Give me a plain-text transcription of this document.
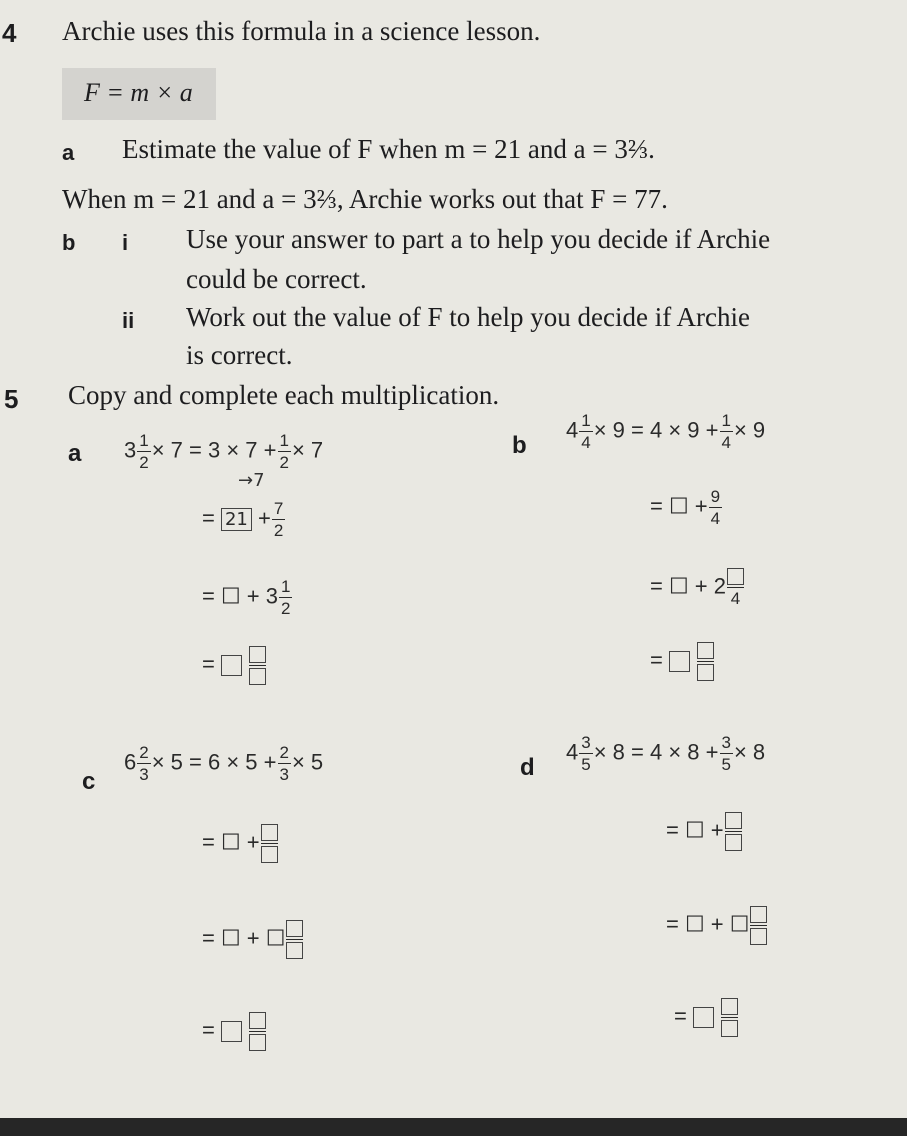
4 Archie uses this formula in a science lesson.
F = m × a
a Estimate the value of F when m = 21 and a = 3⅔.
When m = 21 and a = 3⅔, Archie works out that F = 77.
b i Use your answer to part a to help you decide if Archie
could be correct.
ii Work out the value of F to help you decide if Archie
is correct.
5 Copy and complete each multiplication.
a $3 \frac{1}{2} \times 7 = 3 \times 7 + \frac{1}{2} \times 7$
→7
= $21 + \frac{7}{2}$
= ☐ + $3 \frac{1}{2}$
=
b
$4 \frac{1}{4} \times 9 = 4 \times 9 + \frac{1}{4} \times 9$
= ☐ + $\frac{9}{4}$
= ☐ + 2
4
=
c
$6 \frac{2}{3} \times 5 = 6 \times 5 + \frac{2}{3} \times 5$
= ☐ +
= ☐ + ☐
=
d
$4 \frac{3}{5} \times 8 = 4 \times 8 + \frac{3}{5} \times 8$
= ☐ +
= ☐ + ☐
=
